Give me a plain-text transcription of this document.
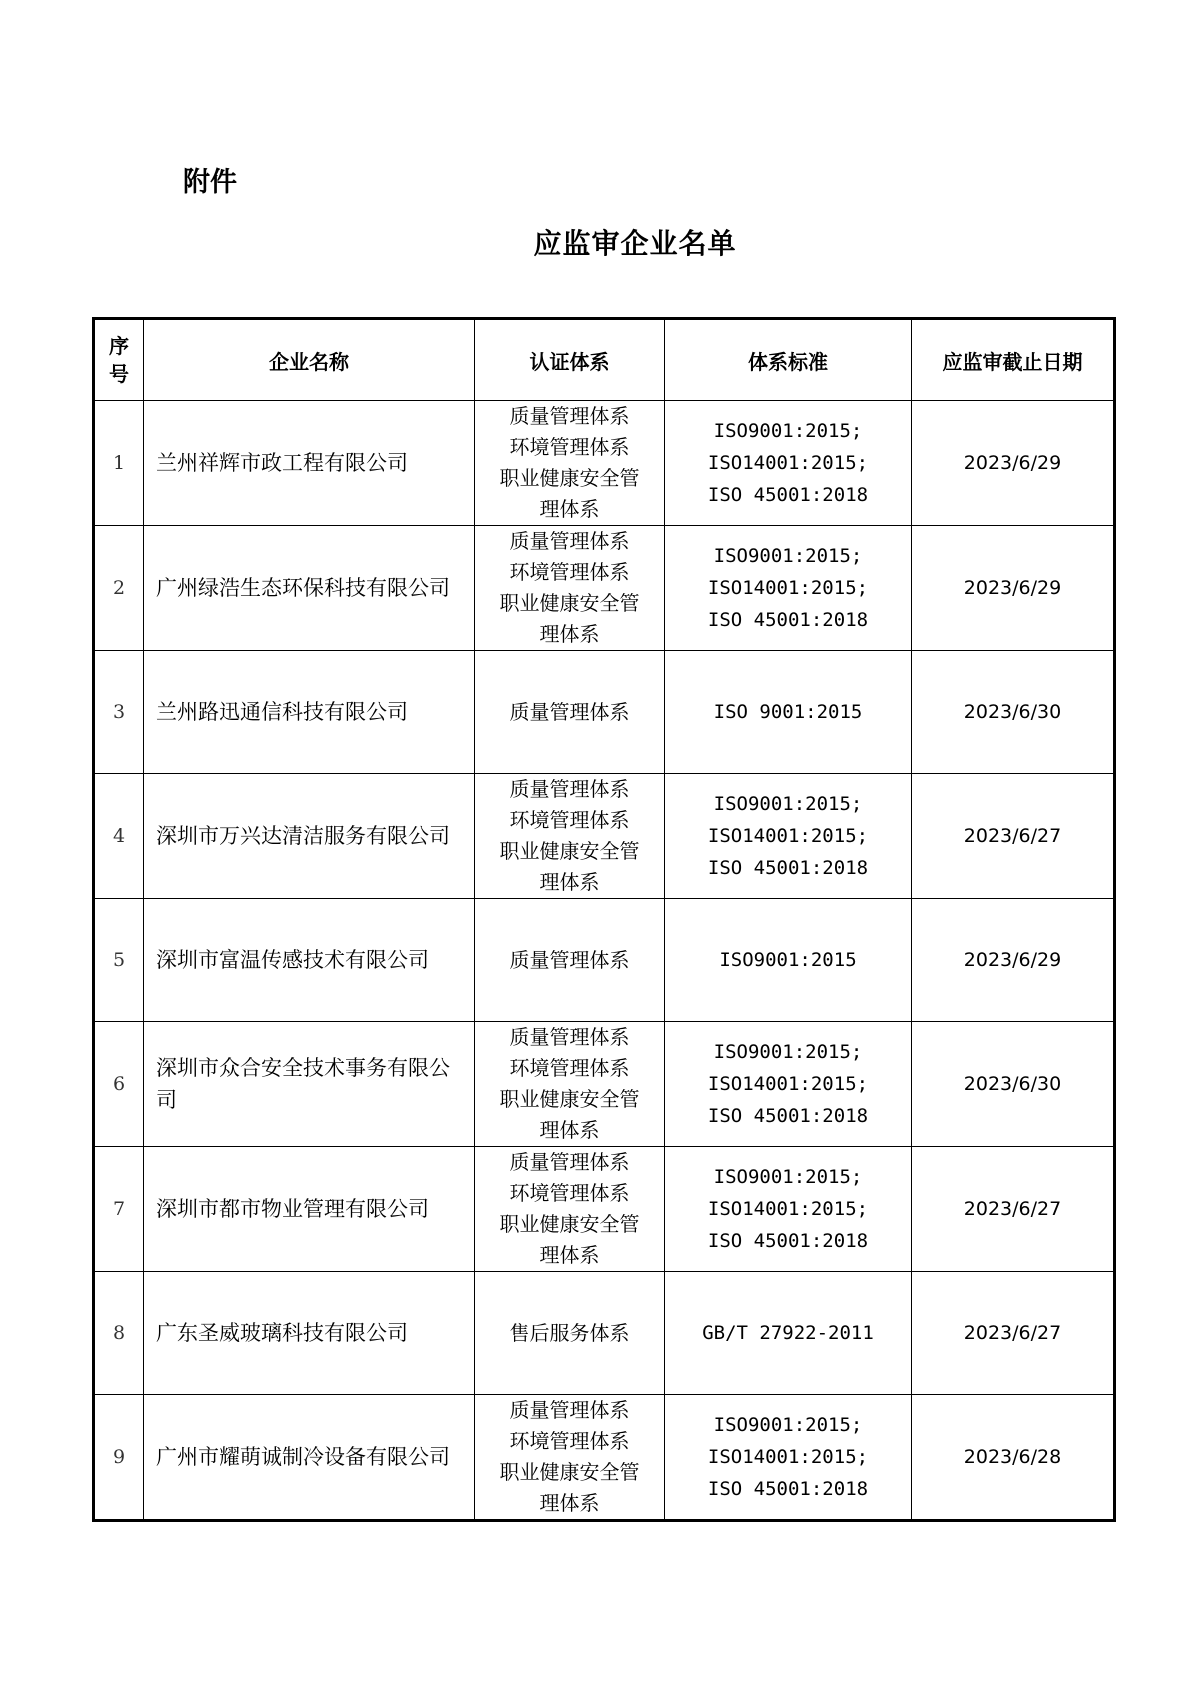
附件
应监审企业名单
序号	企业名称	认证体系	体系标准	应监审截止日期
1	兰州祥辉市政工程有限公司	质量管理体系
环境管理体系
职业健康安全管
理体系	ISO9001:2015;
ISO14001:2015;
ISO 45001:2018	2023/6/29
2	广州绿浩生态环保科技有限公司	质量管理体系
环境管理体系
职业健康安全管
理体系	ISO9001:2015;
ISO14001:2015;
ISO 45001:2018	2023/6/29
3	兰州路迅通信科技有限公司	质量管理体系	ISO 9001:2015	2023/6/30
4	深圳市万兴达清洁服务有限公司	质量管理体系
环境管理体系
职业健康安全管
理体系	ISO9001:2015;
ISO14001:2015;
ISO 45001:2018	2023/6/27
5	深圳市富温传感技术有限公司	质量管理体系	ISO9001:2015	2023/6/29
6	深圳市众合安全技术事务有限公司	质量管理体系
环境管理体系
职业健康安全管
理体系	ISO9001:2015;
ISO14001:2015;
ISO 45001:2018	2023/6/30
7	深圳市都市物业管理有限公司	质量管理体系
环境管理体系
职业健康安全管
理体系	ISO9001:2015;
ISO14001:2015;
ISO 45001:2018	2023/6/27
8	广东圣威玻璃科技有限公司	售后服务体系	GB/T 27922-2011	2023/6/27
9	广州市耀萌诚制冷设备有限公司	质量管理体系
环境管理体系
职业健康安全管
理体系	ISO9001:2015;
ISO14001:2015;
ISO 45001:2018	2023/6/28
